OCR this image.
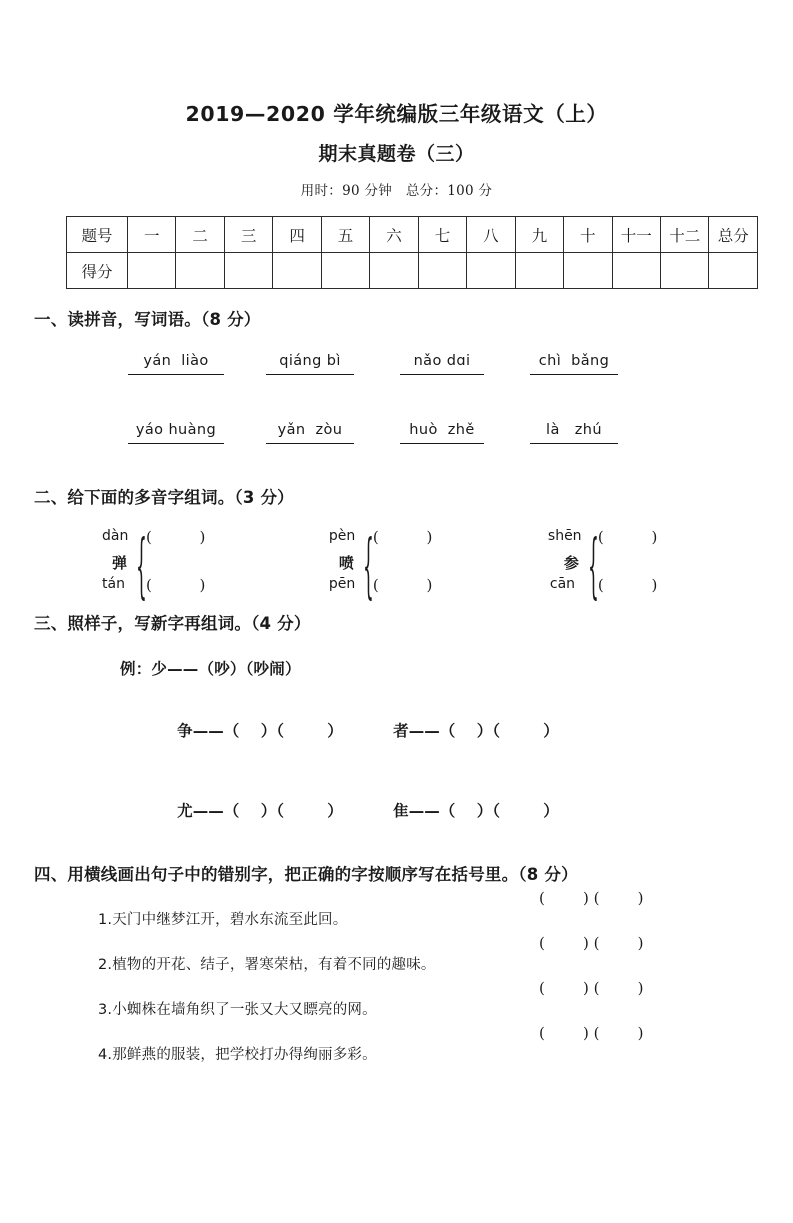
2019—2020 学年统编版三年级语文（上）
期末真题卷（三）
用时：90 分钟　总分：100 分
题号	一	二	三	四	五	六	七	八	九	十	十一	十二	总分
得分													
一、读拼音，写词语。（8 分）
yán  liào	qiáng bì	nǎo dɑi	chì  bǎng
yáo huàng	yǎn  zòu	huò  zhě	là   zhú
二、给下面的多音字组词。（3 分）
dàn
弹
tán { (          )
(          )
pèn
喷
pēn { (          )
(          )
shēn
参
cān { (          )
(          )
三、照样子，写新字再组词。（4 分）
例：少——（吵）（吵闹）

争——（    ）（        ）
	者——（    ）（        ）

尤——（    ）（        ）
	隹——（    ）（        ）

四、用横线画出句子中的错别字，把正确的字按顺序写在括号里。（8 分）
1.天门中继梦江开，碧水东流至此回。
(        ) (        )
2.植物的开花、结子，署寒荣枯，有着不同的趣味。
(        ) (        )
3.小蜘株在墙角织了一张又大又瞟亮的网。
(        ) (        )
4.那鲜燕的服装，把学校打办得绚丽多彩。
(        ) (        )
